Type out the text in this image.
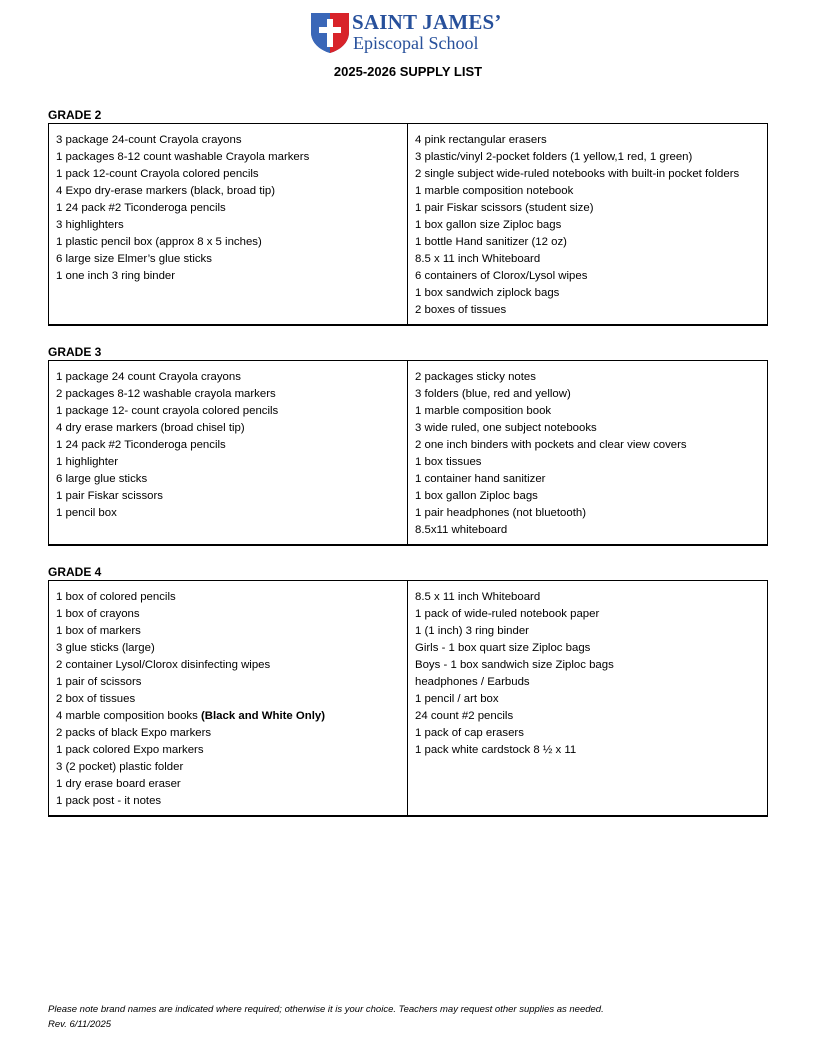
SAINT JAMES’
Episcopal School
2025-2026 SUPPLY LIST
GRADE 2
3 package 24-count Crayola crayons
1 packages 8-12 count washable Crayola markers
1 pack 12-count Crayola colored pencils
4 Expo dry-erase markers (black, broad tip)
1 24 pack #2 Ticonderoga pencils
3 highlighters
1 plastic pencil box (approx 8 x 5 inches)
6 large size Elmer’s glue sticks
1 one inch 3 ring binder
4 pink rectangular erasers
3 plastic/vinyl 2-pocket folders (1 yellow,1 red, 1 green)
2 single subject wide-ruled notebooks with built-in pocket folders
1 marble composition notebook
1 pair Fiskar scissors (student size)
1 box gallon size Ziploc bags
1 bottle Hand sanitizer (12 oz)
8.5 x 11 inch Whiteboard
6 containers of Clorox/Lysol wipes
1 box sandwich ziplock bags
2 boxes of tissues
GRADE 3
1 package 24 count Crayola crayons
2 packages 8-12 washable crayola markers
1 package 12- count crayola colored pencils
4 dry erase markers (broad chisel tip)
1 24 pack #2 Ticonderoga pencils
1 highlighter
6 large glue sticks
1 pair Fiskar scissors
1 pencil box
2 packages sticky notes
3 folders (blue, red and yellow)
1 marble composition book
3 wide ruled, one subject notebooks
2 one inch binders with pockets and clear view covers
1 box tissues
1 container hand sanitizer
1 box gallon Ziploc bags
1 pair headphones (not bluetooth)
8.5x11 whiteboard
GRADE 4
1 box of colored pencils
1 box of crayons
1 box of markers
3 glue sticks (large)
2 container Lysol/Clorox disinfecting wipes
1 pair of scissors
2 box of tissues
4 marble composition books (Black and White Only)
2 packs of black Expo markers
1 pack colored Expo markers
3 (2 pocket) plastic folder
1 dry erase board eraser
1 pack post - it notes
8.5 x 11 inch Whiteboard
1 pack of wide-ruled notebook paper
1 (1 inch) 3 ring binder
Girls - 1 box quart size Ziploc bags
Boys - 1 box sandwich size Ziploc bags
headphones / Earbuds
1 pencil / art box
24 count #2 pencils
1 pack of cap erasers
1 pack white cardstock 8 ½ x 11
Please note brand names are indicated where required; otherwise it is your choice. Teachers may request other supplies as needed.
Rev. 6/11/2025
